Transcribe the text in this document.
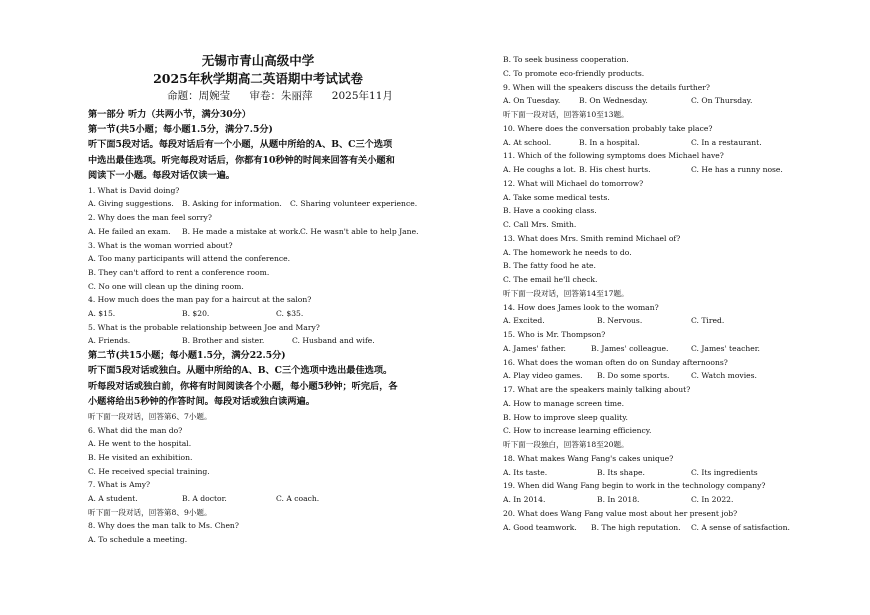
无锡市青山高级中学
2025年秋学期高二英语期中考试试卷
命题：周婉莹 审卷：朱丽萍 2025年11月
第一部分 听力（共两小节，满分30分）
第一节(共5小题；每小题1.5分，满分7.5分)
听下面5段对话。每段对话后有一个小题，从题中所给的A、B、C三个选项
中选出最佳选项。听完每段对话后，你都有10秒钟的时间来回答有关小题和
阅读下一小题。每段对话仅读一遍。
1. What is David doing?
A. Giving suggestions.	B. Asking for information.	C. Sharing volunteer experience.
2. Why does the man feel sorry?
A. He failed an exam.	B. He made a mistake at work. C. He wasn't able to help Jane.
3. What is the woman worried about?
A. Too many participants will attend the conference.
B. They can't afford to rent a conference room.
C. No one will clean up the dining room.
4. How much does the man pay for a haircut at the salon?
A. $15.	B. $20.	C. $35.
5. What is the probable relationship between Joe and Mary?
A. Friends.	B. Brother and sister.	C. Husband and wife.
第二节(共15小题；每小题1.5分，满分22.5分)
听下面5段对话或独白。从题中所给的A、B、C三个选项中选出最佳选项。
听每段对话或独白前，你将有时间阅读各个小题，每小题5秒钟；听完后，各
小题将给出5秒钟的作答时间。每段对话或独白读两遍。
听下面一段对话，回答第6、7小题。
6. What did the man do?
A. He went to the hospital.
B. He visited an exhibition.
C. He received special training.
7. What is Amy?
A. A student.	B. A doctor.	C. A coach.
听下面一段对话，回答第8、9小题。
8. Why does the man talk to Ms. Chen?
A. To schedule a meeting.
B. To seek business cooperation.
C. To promote eco-friendly products.
9. When will the speakers discuss the details further?
A. On Tuesday.	B. On Wednesday.	C. On Thursday.
听下面一段对话，回答第10至13题。
10. Where does the conversation probably take place?
A. At school.	B. In a hospital.	C. In a restaurant.
11. Which of the following symptoms does Michael have?
A. He coughs a lot. B. His chest hurts.	C. He has a runny nose.
12. What will Michael do tomorrow?
A. Take some medical tests.
B. Have a cooking class.
C. Call Mrs. Smith.
13. What does Mrs. Smith remind Michael of?
A. The homework he needs to do.
B. The fatty food he ate.
C. The email he'll check.
听下面一段对话，回答第14至17题。
14. How does James look to the woman?
A. Excited.	B. Nervous.	C. Tired.
15. Who is Mr. Thompson?
A. James' father.	B. James' colleague.	C. James' teacher.
16. What does the woman often do on Sunday afternoons?
A. Play video games.	B. Do some sports.	C. Watch movies.
17. What are the speakers mainly talking about?
A. How to manage screen time.
B. How to improve sleep quality.
C. How to increase learning efficiency.
听下面一段独白，回答第18至20题。
18. What makes Wang Fang's cakes unique?
A. Its taste.	B. Its shape.	C. Its ingredients
19. When did Wang Fang begin to work in the technology company?
A. In 2014.	B. In 2018.	C. In 2022.
20. What does Wang Fang value most about her present job?
A. Good teamwork.	B. The high reputation.	C. A sense of satisfaction.
